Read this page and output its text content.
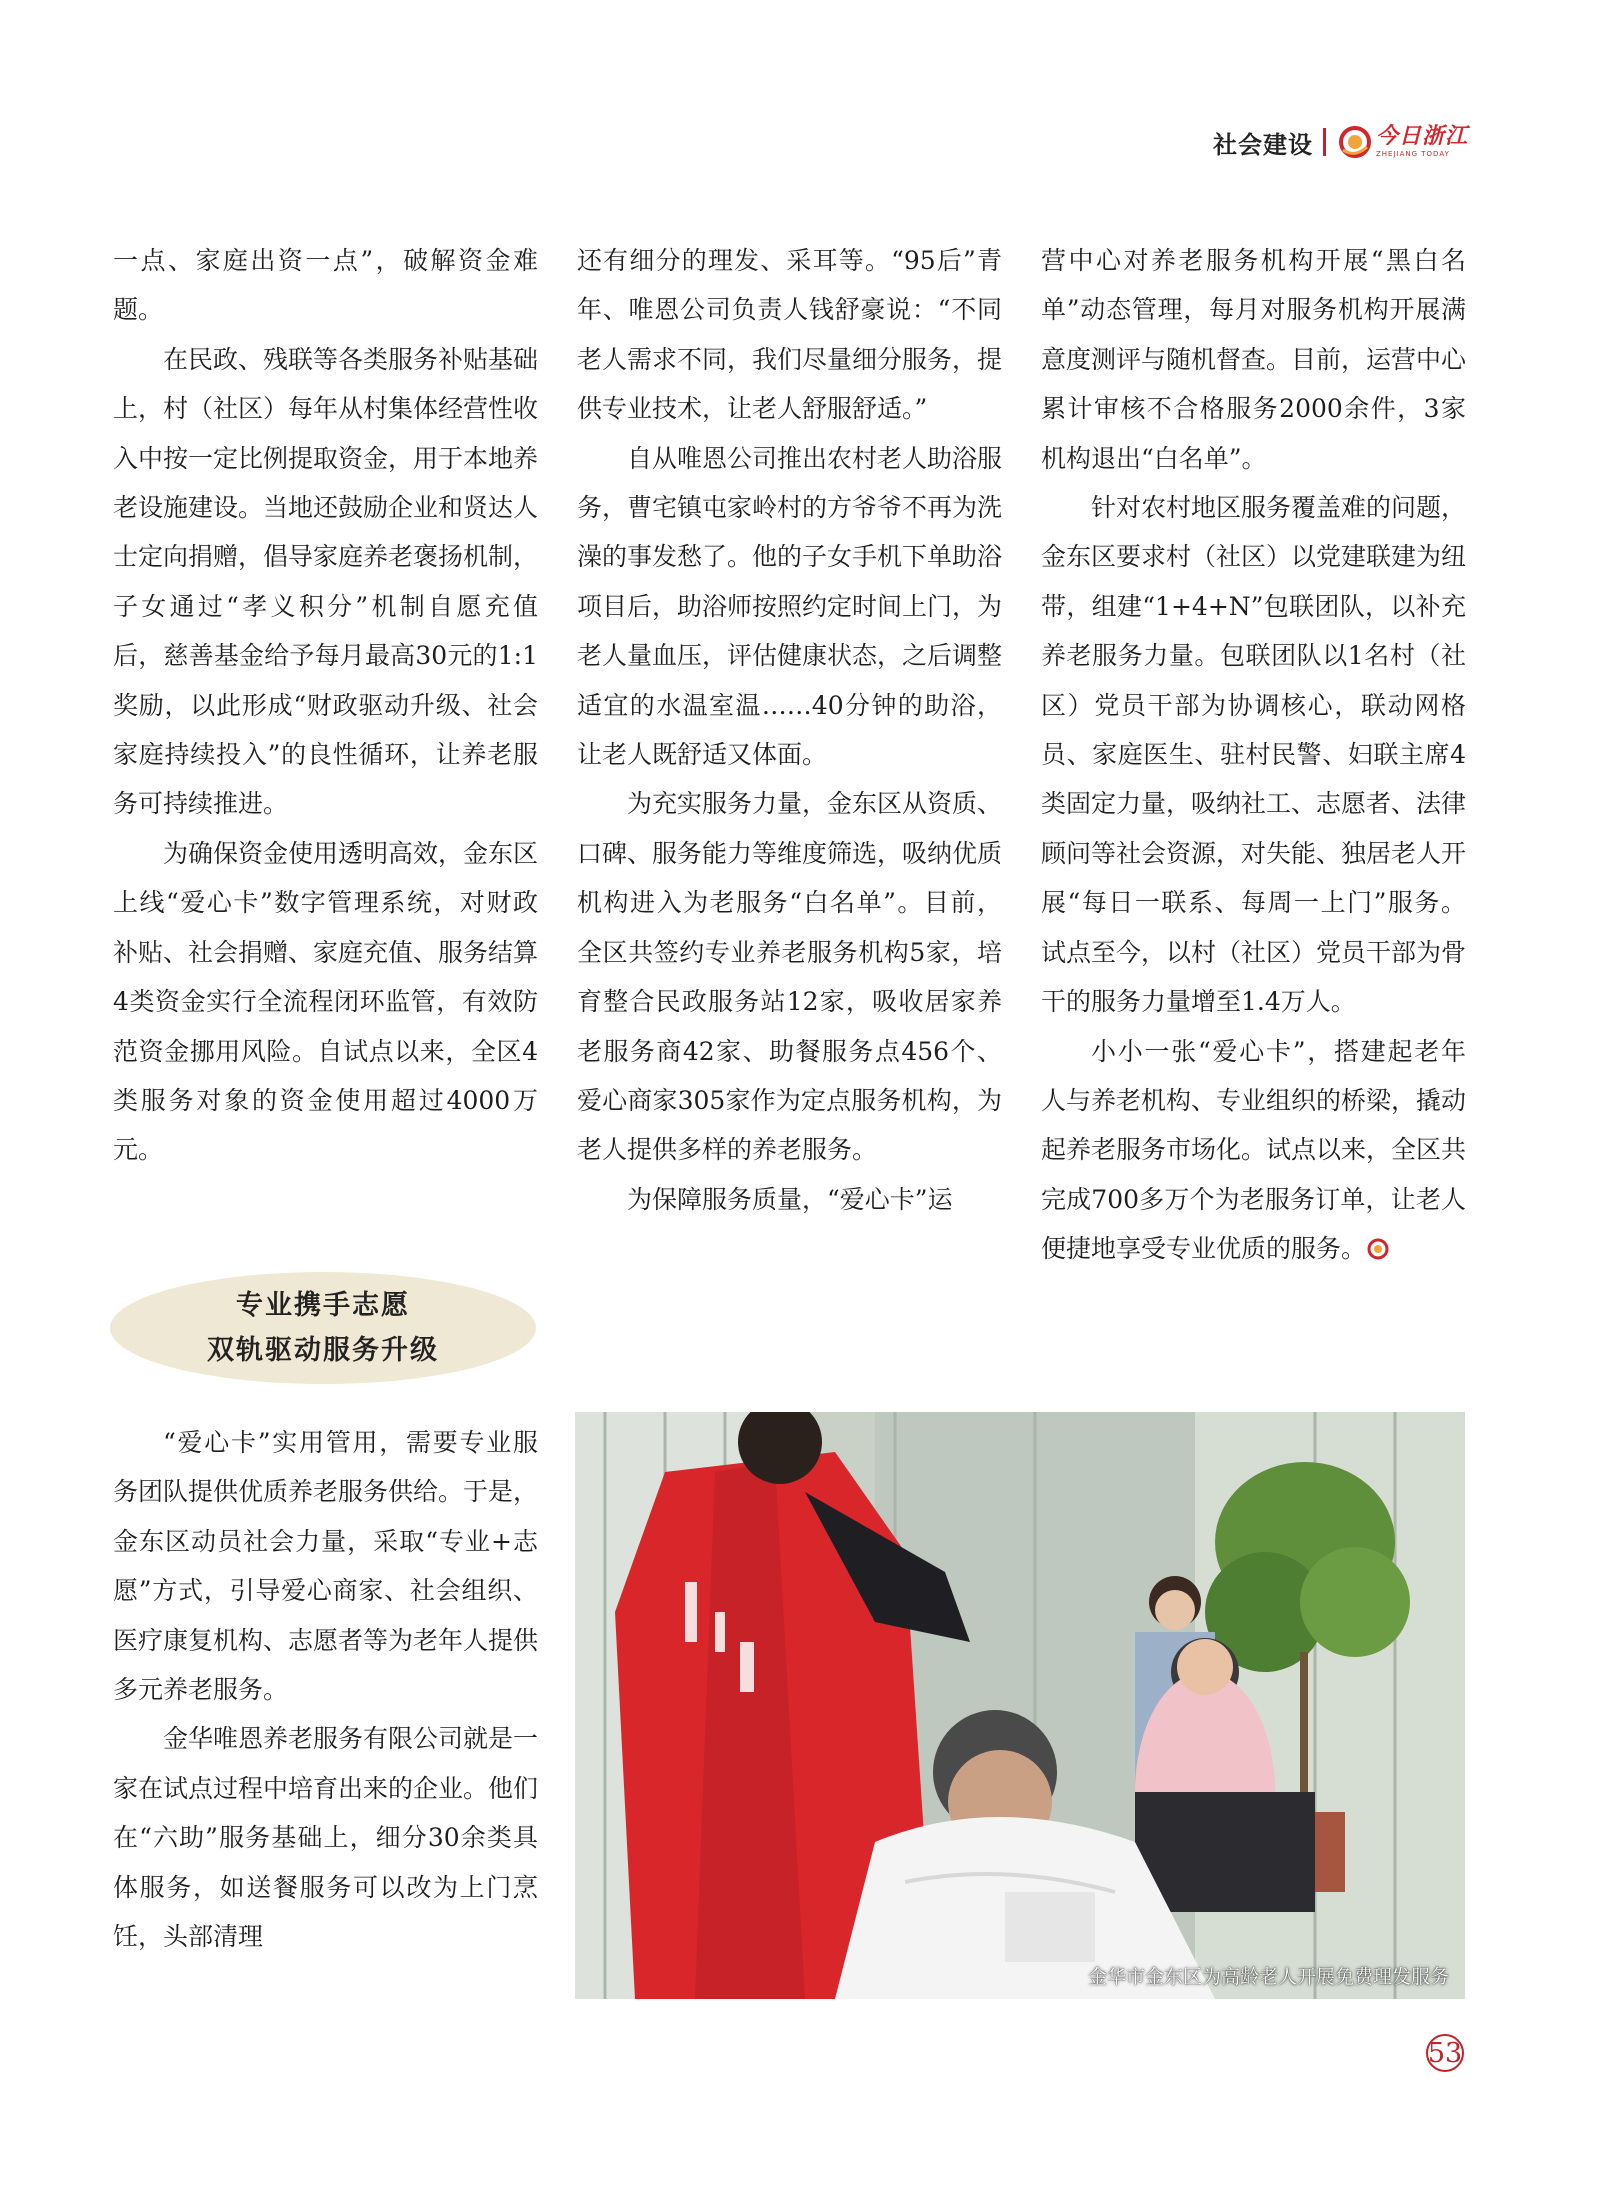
社会建设	今日浙江
ZHEJIANG TODAY

一点、家庭出资一点”，破解资金难题。

在民政、残联等各类服务补贴基础上，村（社区）每年从村集体经营性收入中按一定比例提取资金，用于本地养老设施建设。当地还鼓励企业和贤达人士定向捐赠，倡导家庭养老褒扬机制，子女通过“孝义积分”机制自愿充值后，慈善基金给予每月最高30元的1:1奖励，以此形成“财政驱动升级、社会家庭持续投入”的良性循环，让养老服务可持续推进。

为确保资金使用透明高效，金东区上线“爱心卡”数字管理系统，对财政补贴、社会捐赠、家庭充值、服务结算4类资金实行全流程闭环监管，有效防范资金挪用风险。自试点以来，全区4类服务对象的资金使用超过4000万元。

专业携手志愿
双轨驱动服务升级

“爱心卡”实用管用，需要专业服务团队提供优质养老服务供给。于是，金东区动员社会力量，采取“专业+志愿”方式，引导爱心商家、社会组织、医疗康复机构、志愿者等为老年人提供多元养老服务。

金华唯恩养老服务有限公司就是一家在试点过程中培育出来的企业。他们在“六助”服务基础上，细分30余类具体服务，如送餐服务可以改为上门烹饪，头部清理

还有细分的理发、采耳等。“95后”青年、唯恩公司负责人钱舒豪说：“不同老人需求不同，我们尽量细分服务，提供专业技术，让老人舒服舒适。”

自从唯恩公司推出农村老人助浴服务，曹宅镇屯家岭村的方爷爷不再为洗澡的事发愁了。他的子女手机下单助浴项目后，助浴师按照约定时间上门，为老人量血压，评估健康状态，之后调整适宜的水温室温……40分钟的助浴，让老人既舒适又体面。

为充实服务力量，金东区从资质、口碑、服务能力等维度筛选，吸纳优质机构进入为老服务“白名单”。目前，全区共签约专业养老服务机构5家，培育整合民政服务站12家，吸收居家养老服务商42家、助餐服务点456个、爱心商家305家作为定点服务机构，为老人提供多样的养老服务。

为保障服务质量，“爱心卡”运

营中心对养老服务机构开展“黑白名单”动态管理，每月对服务机构开展满意度测评与随机督查。目前，运营中心累计审核不合格服务2000余件，3家机构退出“白名单”。

针对农村地区服务覆盖难的问题，金东区要求村（社区）以党建联建为纽带，组建“1+4+N”包联团队，以补充养老服务力量。包联团队以1名村（社区）党员干部为协调核心，联动网格员、家庭医生、驻村民警、妇联主席4类固定力量，吸纳社工、志愿者、法律顾问等社会资源，对失能、独居老人开展“每日一联系、每周一上门”服务。试点至今，以村（社区）党员干部为骨干的服务力量增至1.4万人。

小小一张“爱心卡”，搭建起老年人与养老机构、专业组织的桥梁，撬动起养老服务市场化。试点以来，全区共完成700多万个为老服务订单，让老人便捷地享受专业优质的服务。

金华市金东区为高龄老人开展免费理发服务
53
